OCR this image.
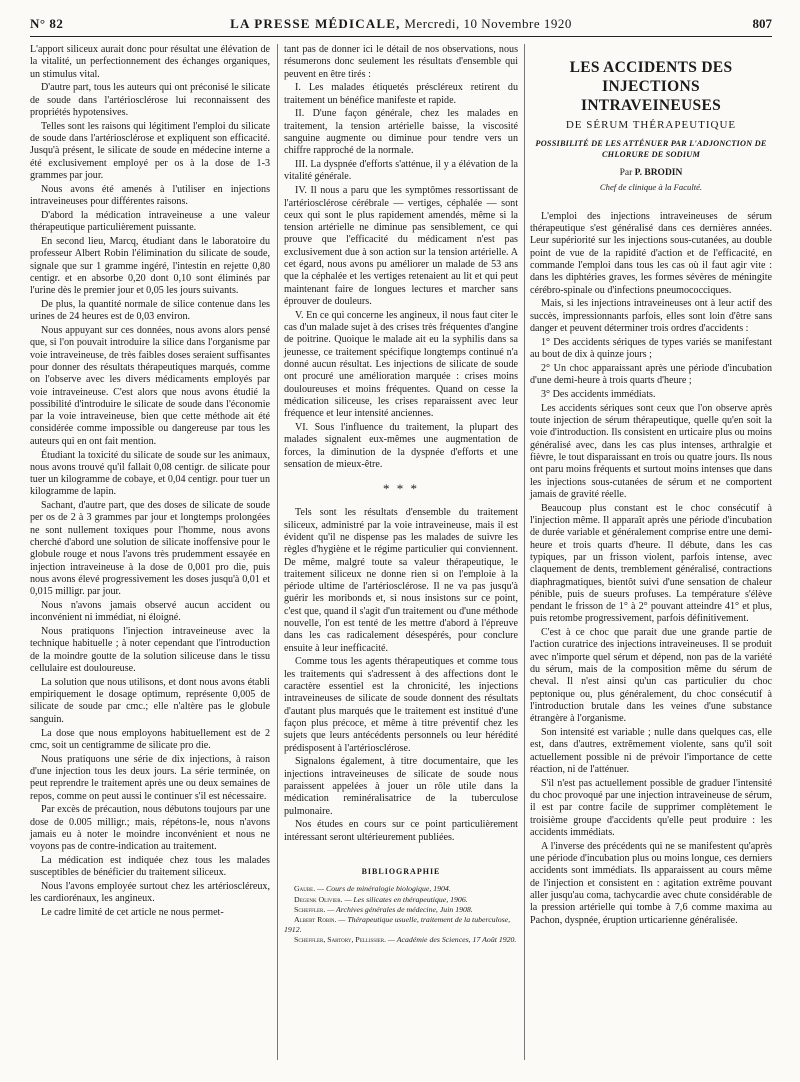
N° 82	LA PRESSE MÉDICALE, Mercredi, 10 Novembre 1920	807

L'apport siliceux aurait donc pour résultat une élévation de la vitalité, un perfectionnement des échanges organiques, un stimulus vital.

D'autre part, tous les auteurs qui ont préconisé le silicate de soude dans l'artériosclérose lui reconnaissent des propriétés hypotensives.

Telles sont les raisons qui légitiment l'emploi du silicate de soude dans l'artériosclérose et expliquent son efficacité. Jusqu'à présent, le silicate de soude en médecine interne a été exclusivement employé per os à la dose de 1-3 grammes par jour.

Nous avons été amenés à l'utiliser en injections intraveineuses pour différentes raisons.

D'abord la médication intraveineuse a une valeur thérapeutique particulièrement puissante.

En second lieu, Marcq, étudiant dans le laboratoire du professeur Albert Robin l'élimination du silicate de soude, signale que sur 1 gramme ingéré, l'intestin en rejette 0,80 centigr. et en absorbe 0,20 dont 0,10 sont éliminés par l'urine dès le premier jour et 0,05 les jours suivants.

De plus, la quantité normale de silice contenue dans les urines de 24 heures est de 0,03 environ.

Nous appuyant sur ces données, nous avons alors pensé que, si l'on pouvait introduire la silice dans l'organisme par voie intraveineuse, de très faibles doses seraient suffisantes pour donner des résultats thérapeutiques marqués, comme on l'observe avec les divers médicaments employés par voie intraveineuse. C'est alors que nous avons étudié la possibilité d'introduire le silicate de soude dans l'économie par la voie intraveineuse, bien que cette méthode ait été considérée comme impossible ou dangereuse par tous les auteurs qui en ont fait mention.

Étudiant la toxicité du silicate de soude sur les animaux, nous avons trouvé qu'il fallait 0,08 centigr. de silicate pour tuer un kilogramme de cobaye, et 0,04 centigr. pour tuer un kilogramme de lapin.

Sachant, d'autre part, que des doses de silicate de soude per os de 2 à 3 grammes par jour et longtemps prolongées ne sont nullement toxiques pour l'homme, nous avons cherché d'abord une solution de silicate inoffensive pour le globule rouge et nous l'avons très prudemment essayée en injection intraveineuse à la dose de 0,001 pro die, puis nous avons élevé progressivement les doses jusqu'à 0,01 et 0,015 milligr. par jour.

Nous n'avons jamais observé aucun accident ou inconvénient ni immédiat, ni éloigné.

Nous pratiquons l'injection intraveineuse avec la technique habituelle ; à noter cependant que l'introduction de la moindre goutte de la solution siliceuse dans le tissu cellulaire est douloureuse.

La solution que nous utilisons, et dont nous avons établi empiriquement le dosage optimum, représente 0,005 de silicate de soude par cmc.; elle n'altère pas le globule sanguin.

La dose que nous employons habituellement est de 2 cmc, soit un centigramme de silicate pro die.

Nous pratiquons une série de dix injections, à raison d'une injection tous les deux jours. La série terminée, on peut reprendre le traitement après une ou deux semaines de repos, comme on peut aussi le continuer s'il est nécessaire.

Par excès de précaution, nous débutons toujours par une dose de 0.005 milligr.; mais, répétons-le, nous n'avons jamais eu à noter le moindre inconvénient et nous ne voyons pas de contre-indication au traitement.

La médication est indiquée chez tous les malades susceptibles de bénéficier du traitement siliceux.

Nous l'avons employée surtout chez les artérioscléreux, les cardiorénaux, les angineux.

Le cadre limité de cet article ne nous permet-

tant pas de donner ici le détail de nos observations, nous résumerons donc seulement les résultats d'ensemble qui peuvent en être tirés :

I. Les malades étiquetés préscléreux retirent du traitement un bénéfice manifeste et rapide.

II. D'une façon générale, chez les malades en traitement, la tension artérielle baisse, la viscosité sanguine augmente ou diminue pour tendre vers un chiffre rapproché de la normale.

III. La dyspnée d'efforts s'atténue, il y a élévation de la vitalité générale.

IV. Il nous a paru que les symptômes ressortissant de l'artériosclérose cérébrale — vertiges, céphalée — sont ceux qui sont le plus rapidement amendés, même si la tension artérielle ne diminue pas sensiblement, ce qui prouve que l'efficacité du médicament n'est pas exclusivement due à son action sur la tension artérielle. A cet égard, nous avons pu améliorer un malade de 53 ans que la céphalée et les vertiges retenaient au lit et qui peut maintenant faire de longues lectures et marcher sans éprouver de douleurs.

V. En ce qui concerne les angineux, il nous faut citer le cas d'un malade sujet à des crises très fréquentes d'angine de poitrine. Quoique le malade ait eu la syphilis dans sa jeunesse, ce traitement spécifique longtemps continué n'a donné aucun résultat. Les injections de silicate de soude ont procuré une amélioration marquée : crises moins douloureuses et moins fréquentes. Quand on cesse la médication siliceuse, les crises reparaissent avec leur fréquence et leur intensité anciennes.

VI. Sous l'influence du traitement, la plupart des malades signalent eux-mêmes une augmentation de forces, la diminution de la dyspnée d'efforts et une sensation de mieux-être.

* * *

Tels sont les résultats d'ensemble du traitement siliceux, administré par la voie intraveineuse, mais il est évident qu'il ne dispense pas les malades de suivre les règles d'hygiène et le régime particulier qui conviennent. De même, malgré toute sa valeur thérapeutique, le traitement siliceux ne donne rien si on l'emploie à la période ultime de l'artériosclérose. Il ne va pas jusqu'à guérir les moribonds et, si nous insistons sur ce point, c'est que, quand il s'agit d'un traitement ou d'une méthode nouvelle, l'on est tenté de les mettre d'abord à l'épreuve dans les cas radicalement désespérés, pour conclure ensuite à leur inefficacité.

Comme tous les agents thérapeutiques et comme tous les traitements qui s'adressent à des affections dont le caractère essentiel est la chronicité, les injections intraveineuses de silicate de soude donnent des résultats d'autant plus marqués que le traitement est institué d'une façon plus précoce, et même à titre préventif chez les sujets que leurs antécédents personnels ou leur hérédité prédisposent à l'artériosclérose.

Signalons également, à titre documentaire, que les injections intraveineuses de silicate de soude nous paraissent appelées à jouer un rôle utile dans la médication reminéralisatrice de la tuberculose pulmonaire.

Nos études en cours sur ce point particulièrement intéressant seront ultérieurement publiées.

BIBLIOGRAPHIE
Gaube. — Cours de minéralogie biologique, 1904.
Degenk Olivier. — Les silicates en thérapeutique, 1906.
Scheffler. — Archives générales de médecine, Juin 1908.
Albert Robin. — Thérapeutique usuelle, traitement de la tuberculose, 1912.
Scheffler, Sartory, Pellissier. — Académie des Sciences, 17 Août 1920.
LES ACCIDENTS DES INJECTIONS
INTRAVEINEUSES
DE SÉRUM THÉRAPEUTIQUE
POSSIBILITÉ DE LES ATTÉNUER PAR L'ADJONCTION DE CHLORURE DE SODIUM
Par P. BRODIN
Chef de clinique à la Faculté.

L'emploi des injections intraveineuses de sérum thérapeutique s'est généralisé dans ces dernières années. Leur supériorité sur les injections sous-cutanées, au double point de vue de la rapidité d'action et de l'efficacité, en commande l'emploi dans tous les cas où il faut agir vite : dans les diphtéries graves, les formes sévères de méningite cérébro-spinale ou d'infections pneumococciques.

Mais, si les injections intraveineuses ont à leur actif des succès, impressionnants parfois, elles sont loin d'être sans danger et peuvent déterminer trois ordres d'accidents :

1° Des accidents sériques de types variés se manifestant au bout de dix à quinze jours ;

2° Un choc apparaissant après une période d'incubation d'une demi-heure à trois quarts d'heure ;

3° Des accidents immédiats.

Les accidents sériques sont ceux que l'on observe après toute injection de sérum thérapeutique, quelle qu'en soit la voie d'introduction. Ils consistent en urticaire plus ou moins généralisé avec, dans les cas plus intenses, arthralgie et fièvre, le tout disparaissant en trois ou quatre jours. Ils nous ont paru moins fréquents et surtout moins intenses que dans les injections sous-cutanées de sérum et ne comportent jamais de gravité réelle.

Beaucoup plus constant est le choc consécutif à l'injection même. Il apparaît après une période d'incubation de durée variable et généralement comprise entre une demi-heure et trois quarts d'heure. Il débute, dans les cas typiques, par un frisson violent, parfois intense, avec claquement de dents, tremblement généralisé, contractions diaphragmatiques, bientôt suivi d'une sensation de chaleur pénible, puis de sueurs profuses. La température s'élève pendant le frisson de 1° à 2° pouvant atteindre 41° et plus, puis retombe progressivement, parfois définitivement.

C'est à ce choc que parait due une grande partie de l'action curatrice des injections intraveineuses. Il se produit avec n'importe quel sérum et dépend, non pas de la variété du sérum, mais de la composition même du sérum de cheval. Il n'est ainsi qu'un cas particulier du choc peptonique ou, plus généralement, du choc consécutif à l'introduction brutale dans les veines d'une substance étrangère à l'organisme.

Son intensité est variable ; nulle dans quelques cas, elle est, dans d'autres, extrêmement violente, sans qu'il soit actuellement possible ni de prévoir l'importance de cette réaction, ni de l'atténuer.

S'il n'est pas actuellement possible de graduer l'intensité du choc provoqué par une injection intraveineuse de sérum, il est par contre facile de supprimer complètement le troisième groupe d'accidents qu'elle peut produire : les accidents immédiats.

A l'inverse des précédents qui ne se manifestent qu'après une période d'incubation plus ou moins longue, ces derniers accidents sont immédiats. Ils apparaissent au cours même de l'injection et consistent en : agitation extrême pouvant aller jusqu'au coma, tachycardie avec chute considérable de la pression artérielle qui tombe à 7,6 comme maxima au Pachon, dyspnée, éruption urticarienne généralisée.
